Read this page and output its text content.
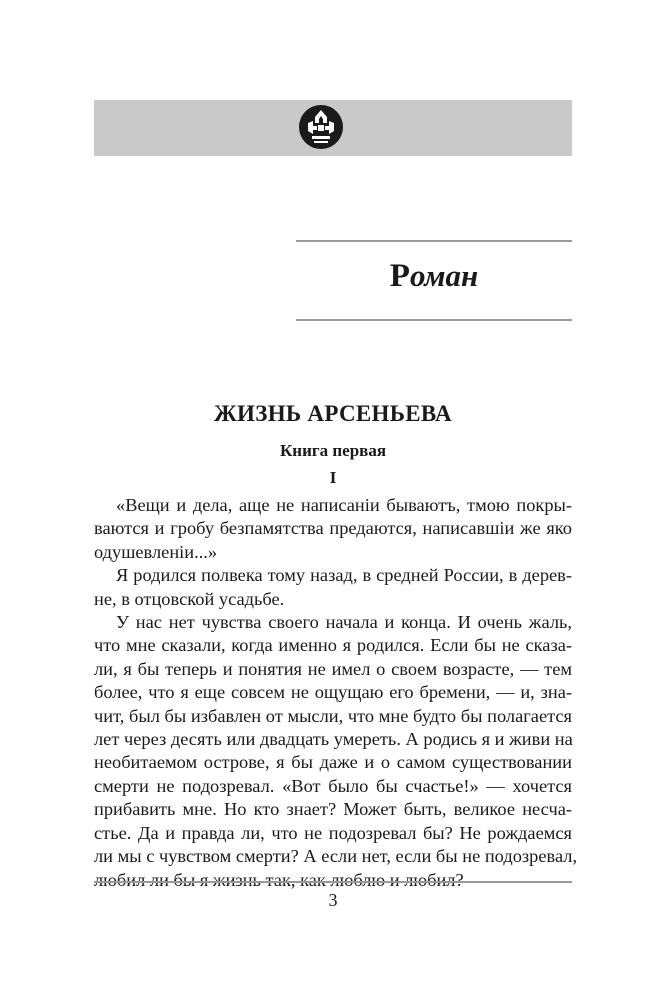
Роман
ЖИЗНЬ АРСЕНЬЕВА
Книга первая
I
«Вещи и дела, аще не написанiи бываютъ, тмою покры-
ваются и гробу безпамятства предаются, написавшiи же яко
одушевленiи...»
Я родился полвека тому назад, в средней России, в дерев-
не, в отцовской усадьбе.
У нас нет чувства своего начала и конца. И очень жаль,
что мне сказали, когда именно я родился. Если бы не сказа-
ли, я бы теперь и понятия не имел о своем возрасте, — тем
более, что я еще совсем не ощущаю его бремени, — и, зна-
чит, был бы избавлен от мысли, что мне будто бы полагается
лет через десять или двадцать умереть. А родись я и живи на
необитаемом острове, я бы даже и о самом существовании
смерти не подозревал. «Вот было бы счастье!» — хочется
прибавить мне. Но кто знает? Может быть, великое несча-
стье. Да и правда ли, что не подозревал бы? Не рождаемся
ли мы с чувством смерти? А если нет, если бы не подозревал,
любил ли бы я жизнь так, как люблю и любил?
3
